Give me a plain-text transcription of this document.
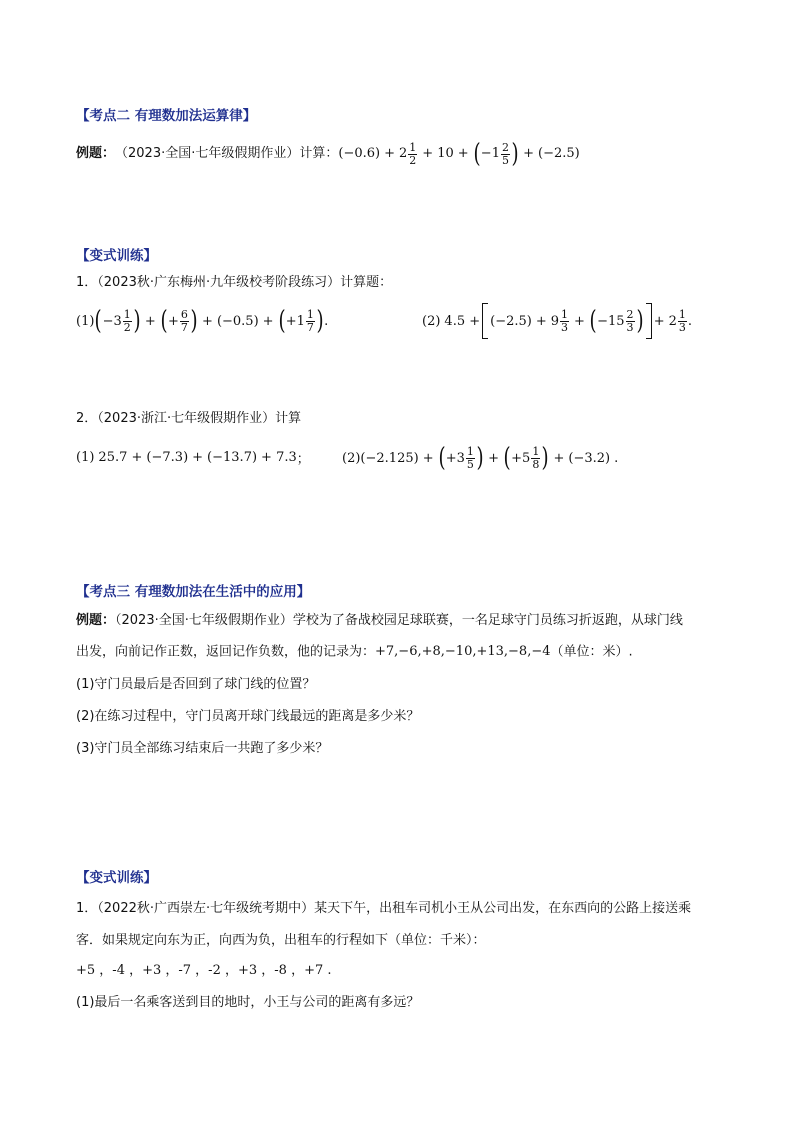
【考点二 有理数加法运算律】
例题： （2023·全国·七年级假期作业）计算： $(-0.6) + 2 \frac{1}{2} + 10$ + ( $-1 \frac{2}{5}$ ) + (−2.5)
【变式训练】
1．（2023秋·广东梅州·九年级校考阶段练习）计算题：
(1) ( $-3 \frac{1}{2}$ ) + ( + $\frac{6}{7}$ ) +
( −0.5 )
+ ( $+1 \frac{1}{7}$ ) .	(2) 4.5 + ( −2.5 )
+ $9 \frac{1}{3}$ + ( $-15 \frac{2}{3}$ ) + $2 \frac{1}{3}$ .
2．（2023·浙江·七年级假期作业）计算
(1) 25.7 + ( −7.3 )
+
( −13.7 ) + 7.3 ； (2) ( −2.125 )
+ ( $+3 \frac{1}{5}$ ) + ( $+5 \frac{1}{8}$ ) +
( −3.2 ) .
【考点三 有理数加法在生活中的应用】
例题：（2023·全国·七年级假期作业）学校为了备战校园足球联赛，一名足球守门员练习折返跑，从球门线
出发，向前记作正数，返回记作负数，他的记录为：+7,−6,+8,−10,+13,−8,−4（单位：米）.
(1)守门员最后是否回到了球门线的位置？
(2)在练习过程中，守门员离开球门线最远的距离是多少米？
(3)守门员全部练习结束后一共跑了多少米？
【变式训练】
1．（2022秋·广西崇左·七年级统考期中）某天下午，出租车司机小王从公司出发，在东西向的公路上接送乘
客．如果规定向东为正，向西为负，出租车的行程如下（单位：千米）：
+5 ，-4 ，+3 ，-7 ，-2 ，+3 ，-8 ，+7 .
(1)最后一名乘客送到目的地时，小王与公司的距离有多远？
